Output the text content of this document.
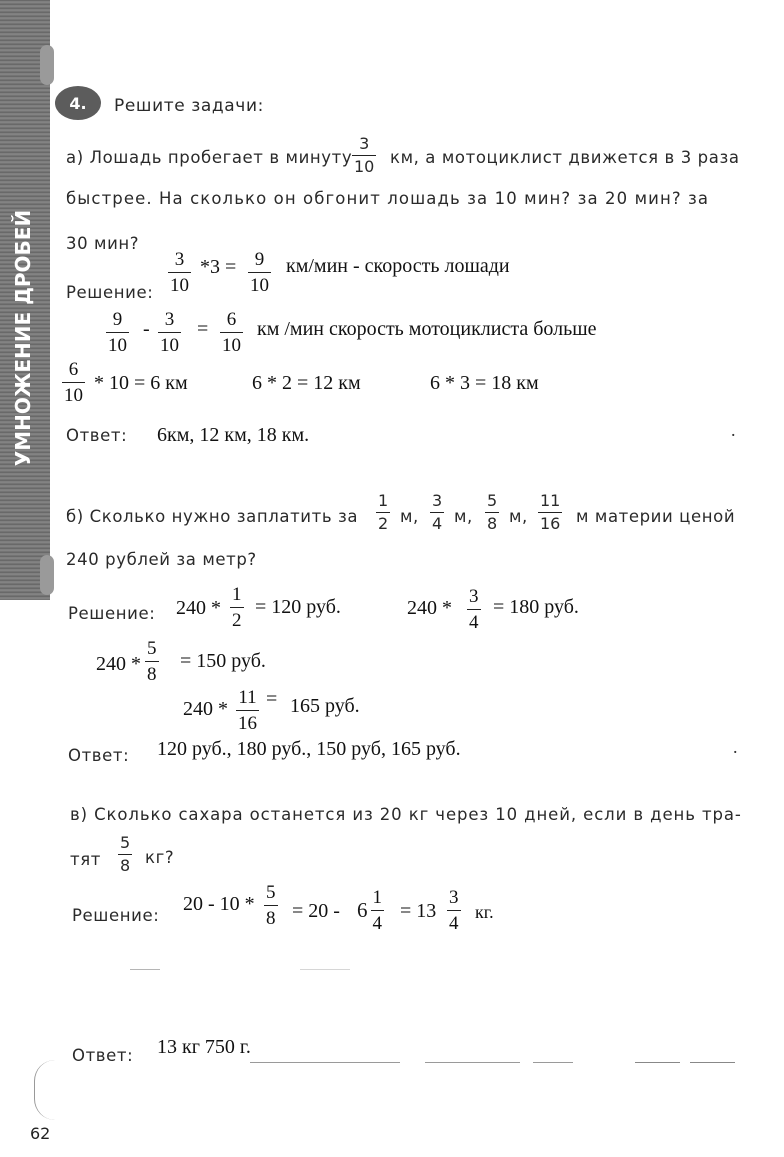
УМНОЖЕНИЕ ДРОБЕЙ
4.	Решите задачи:
а) Лошадь пробегает в минуту $\frac{3}{10}$ км, а мотоциклист движется в 3 раза
быстрее. На сколько он обгонит лошадь за 10 мин? за 20 мин? за
30 мин?
Решение: $\frac{3}{10} *3 = \frac{9}{10} км/мин$ - скорость лошади
$\frac{9}{10} - \frac{3}{10} = \frac{6}{10}$ км /мин скорость мотоциклиста больше
$\frac{6}{10} * 10 = 6$ км	6 * 2 = 12 км	6 * 3 = 18 км
Ответ: 6км, 12 км, 18 км.	.
б) Сколько нужно заплатить за $\frac{1}{2} м$, $\frac{3}{4} м$, $\frac{5}{8} м$, $\frac{11}{16}$ м материи ценой
240 рублей за метр?
Решение: $240 * \frac{1}{2} = 120$ руб.	$240 * \frac{3}{4} = 180$ руб.
$240 * \frac{5}{8} = 150$ руб.
$240 * \frac{11}{16} = 165$ руб.
Ответ: 120 руб., 180 руб., 150 руб, 165 руб.	.
в) Сколько сахара останется из 20 кг через 10 дней, если в день тра-
тят $\frac{5}{8}$ кг?
Решение:
$20 - 10 * \frac{5}{8} = 20 - 6 \frac{1}{4} = 13 \frac{3}{4}$ кг.
Ответ: 13 кг 750 г.
62
